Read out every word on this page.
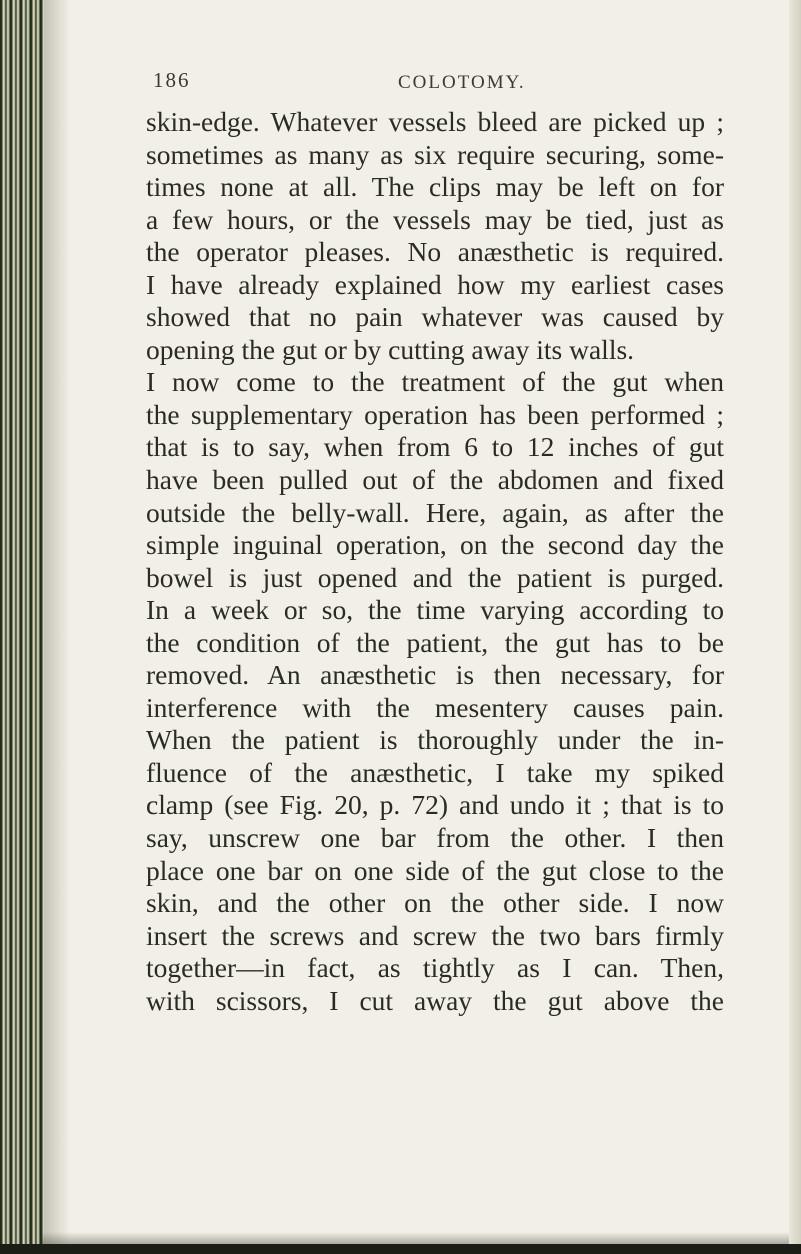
186	COLOTOMY.
skin-edge. Whatever vessels bleed are picked up ;
sometimes as many as six require securing, some-
times none at all. The clips may be left on for
a few hours, or the vessels may be tied, just as
the operator pleases. No anæsthetic is required.
I have already explained how my earliest cases
showed that no pain whatever was caused by
opening the gut or by cutting away its walls.
I now come to the treatment of the gut when
the supplementary operation has been performed ;
that is to say, when from 6 to 12 inches of gut
have been pulled out of the abdomen and fixed
outside the belly-wall. Here, again, as after the
simple inguinal operation, on the second day the
bowel is just opened and the patient is purged.
In a week or so, the time varying according to
the condition of the patient, the gut has to be
removed. An anæsthetic is then necessary, for
interference with the mesentery causes pain.
When the patient is thoroughly under the in-
fluence of the anæsthetic, I take my spiked
clamp (see Fig. 20, p. 72) and undo it ; that is to
say, unscrew one bar from the other. I then
place one bar on one side of the gut close to the
skin, and the other on the other side. I now
insert the screws and screw the two bars firmly
together—in fact, as tightly as I can. Then,
with scissors, I cut away the gut above the
